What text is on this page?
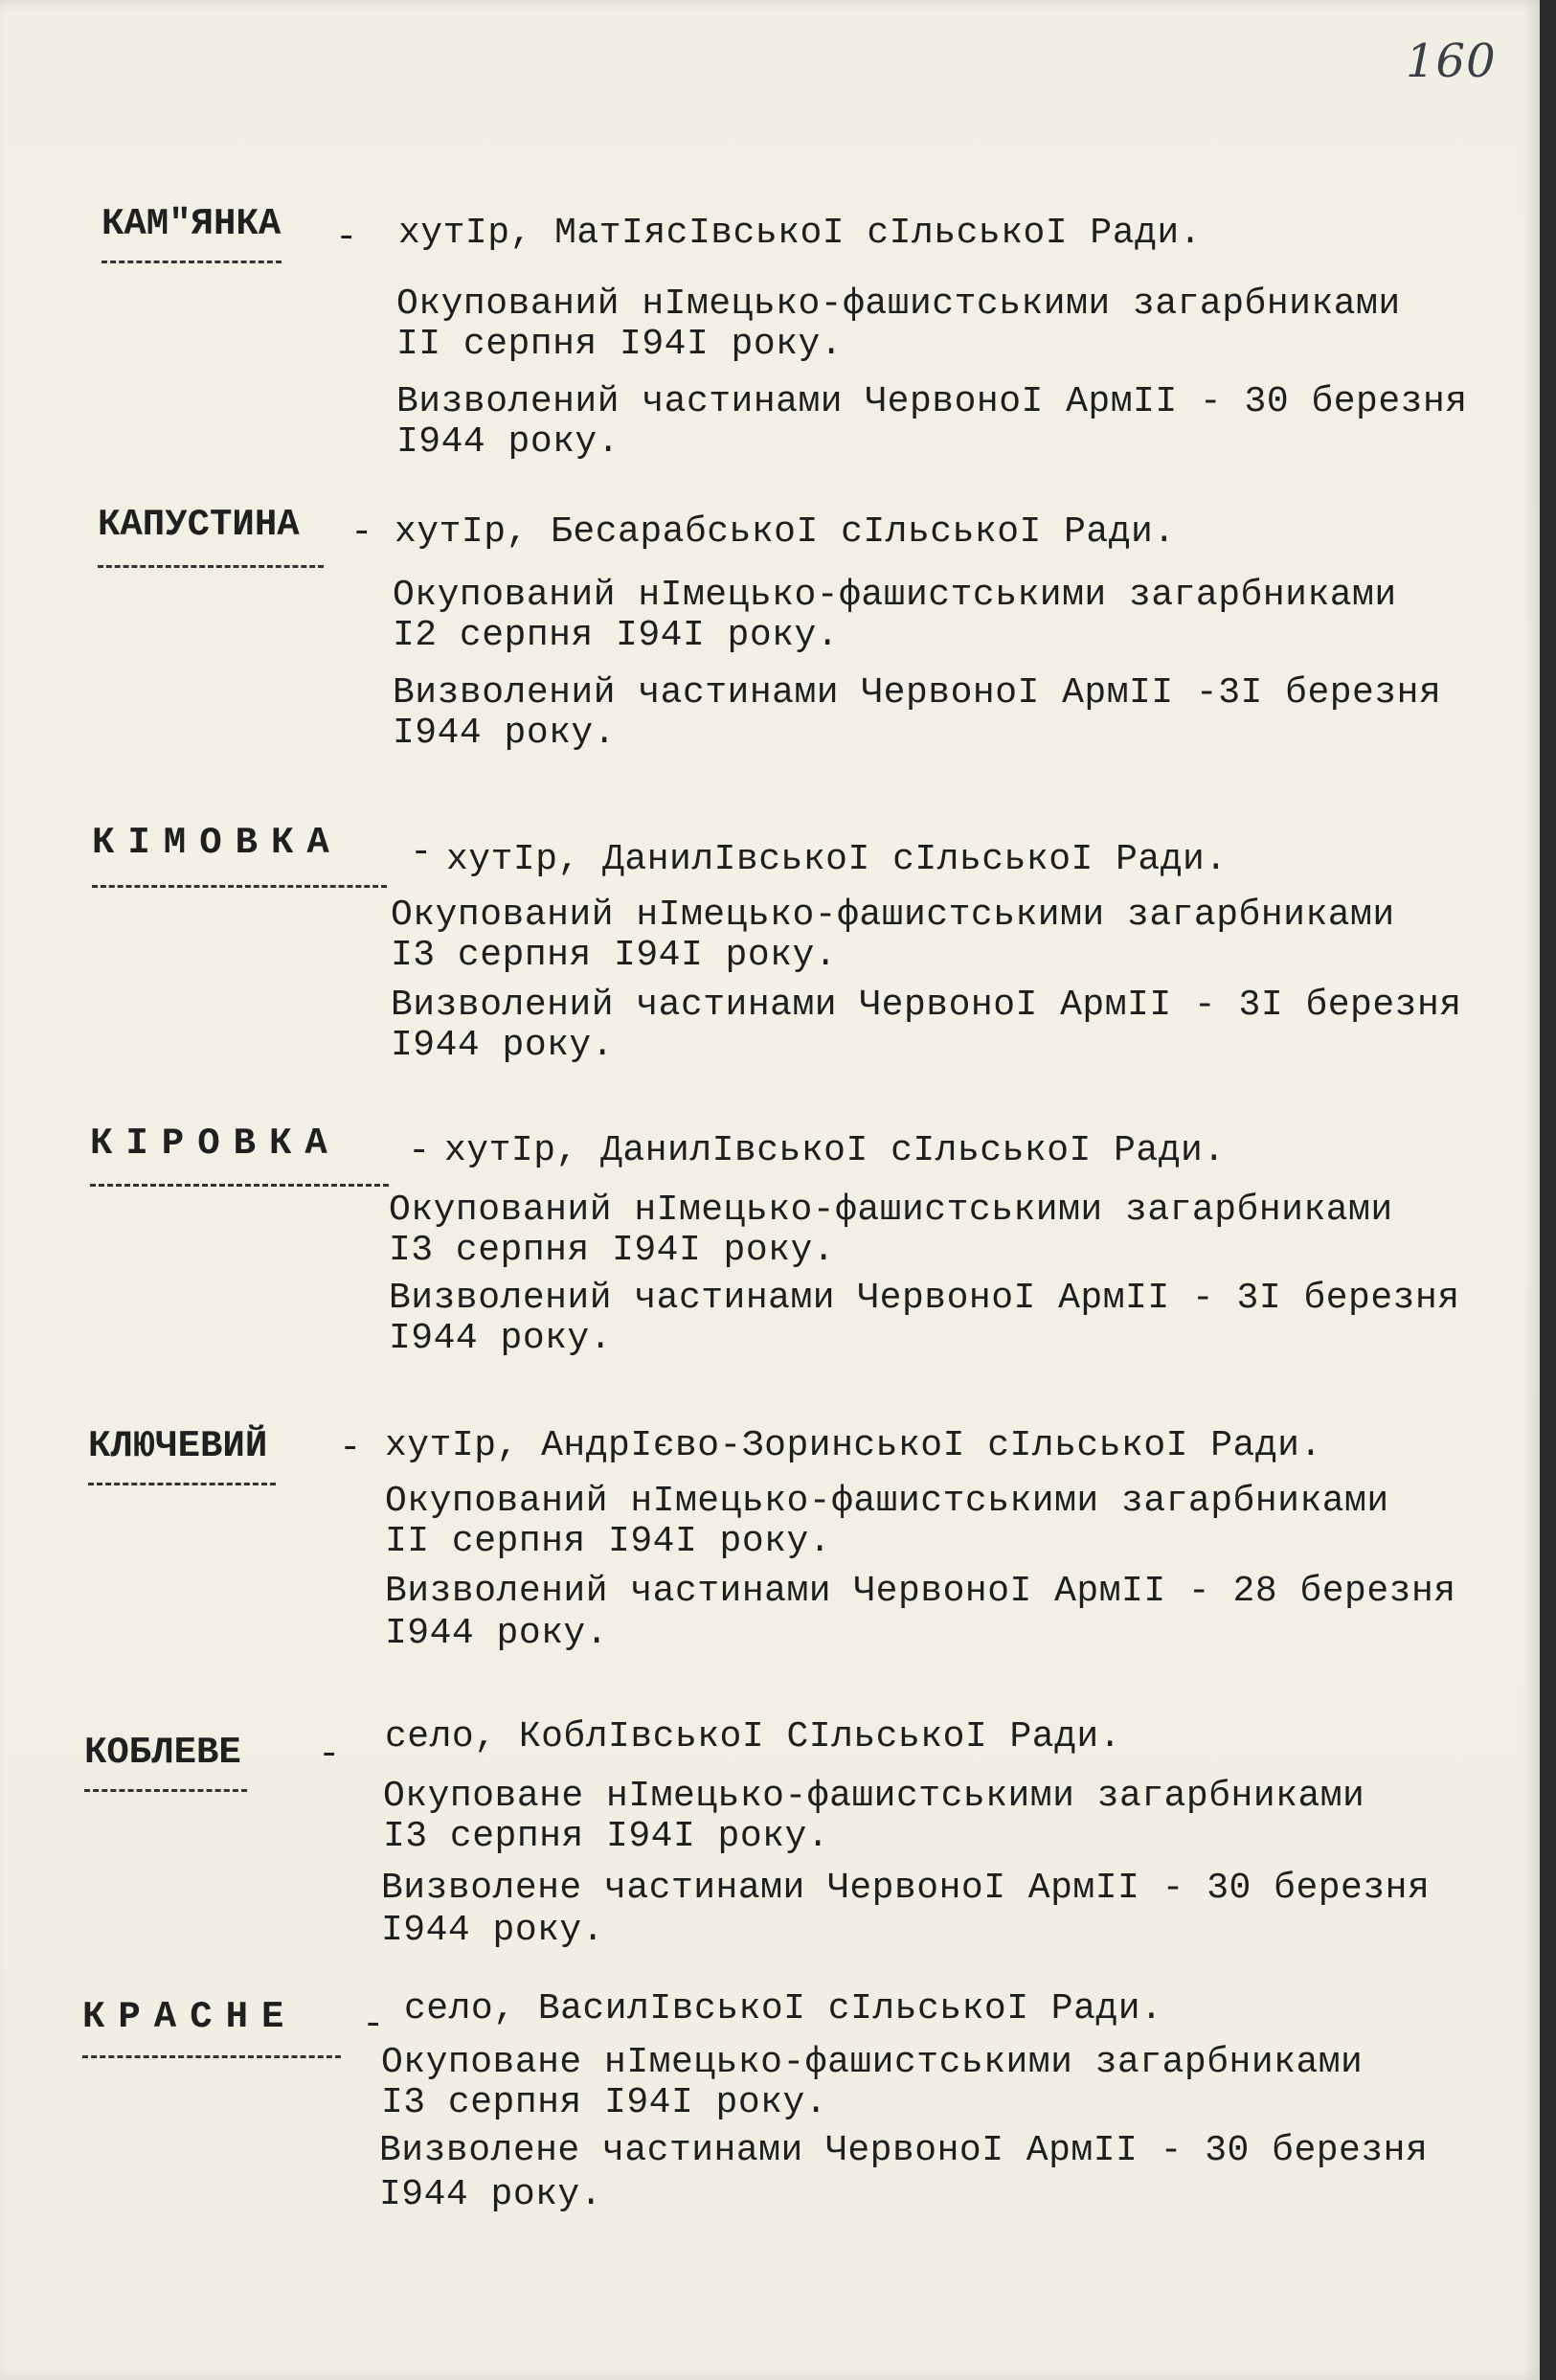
160
КАМ"ЯНКА - хутІр, МатІясІвськоІ сІльськоІ Ради.
Окупований нІмецько-фашистськими загарбниками
ІІ серпня І94І року.
Визволений частинами ЧервоноІ АрмІІ - 30 березня
І944 року.
КАПУСТИНА - хутІр, БесарабськоІ сІльськоІ Ради.
Окупований нІмецько-фашистськими загарбниками
І2 серпня І94І року.
Визволений частинами ЧервоноІ АрмІІ -3І березня
І944 року.
КІМОВКА - хутІр, ДанилІвськоІ сІльськоІ Ради.
Окупований нІмецько-фашистськими загарбниками
І3 серпня І94І року.
Визволений частинами ЧервоноІ АрмІІ - 3І березня
І944 року.
КІРОВКА - хутІр, ДанилІвськоІ сІльськоІ Ради.
Окупований нІмецько-фашистськими загарбниками
І3 серпня І94І року.
Визволений частинами ЧервоноІ АрмІІ - 3І березня
І944 року.
КЛЮЧЕВИЙ - хутІр, АндрІєво-ЗоринськоІ сІльськоІ Ради.
Окупований нІмецько-фашистськими загарбниками
ІІ серпня І94І року.
Визволений частинами ЧервоноІ АрмІІ - 28 березня
І944 року.
КОБЛЕВЕ - село, КоблІвськоІ СІльськоІ Ради.
Окуповане нІмецько-фашистськими загарбниками
І3 серпня І94І року.
Визволене частинами ЧервоноІ АрмІІ - 30 березня
І944 року.
КРАСНЕ - село, ВасилІвськоІ сІльськоІ Ради.
Окуповане нІмецько-фашистськими загарбниками
І3 серпня І94І року.
Визволене частинами ЧервоноІ АрмІІ - 30 березня
І944 року.
